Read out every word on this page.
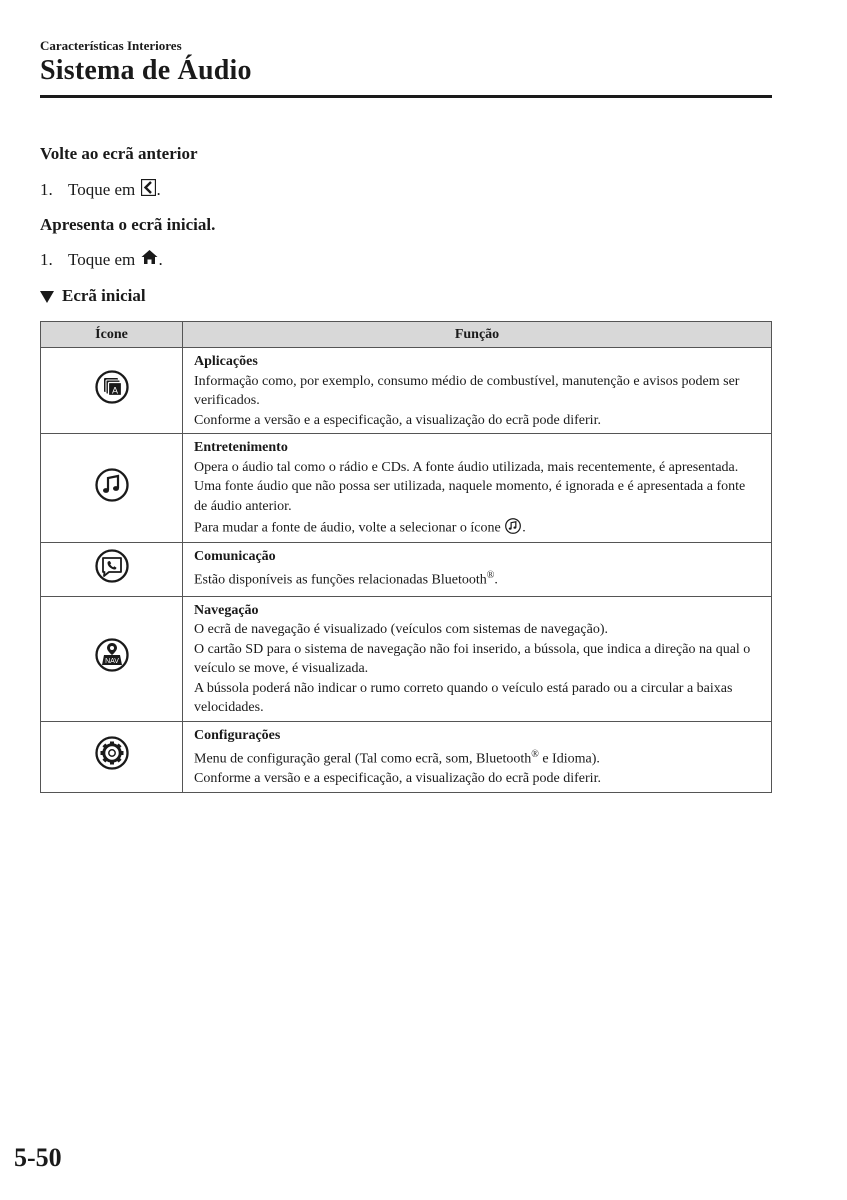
Características Interiores
Sistema de Áudio
Volte ao ecrã anterior
1. Toque em
.
Apresenta o ecrã inicial.
1. Toque em
.
Ecrã inicial
Ícone	Função

A	Aplicações
Informação como, por exemplo, consumo médio de combustível, manutenção e avisos podem ser verificados.
Conforme a versão e a especificação, a visualização do ecrã pode diferir.

Entretenimento
Opera o áudio tal como o rádio e CDs. A fonte áudio utilizada, mais recentemente, é apresentada. Uma fonte áudio que não possa ser utilizada, naquele momento, é ignorada e é apresentada a fonte de áudio anterior.
Para mudar a fonte de áudio, volte a selecionar o ícone .

Comunicação
Estão disponíveis as funções relacionadas Bluetooth®.

NAV	Navegação
O ecrã de navegação é visualizado (veículos com sistemas de navegação).
O cartão SD para o sistema de navegação não foi inserido, a bússola, que indica a direção na qual o veículo se move, é visualizada.
A bússola poderá não indicar o rumo correto quando o veículo está parado ou a circular a baixas velocidades.

Configurações
Menu de configuração geral (Tal como ecrã, som, Bluetooth® e Idioma).
Conforme a versão e a especificação, a visualização do ecrã pode diferir.
5-50
